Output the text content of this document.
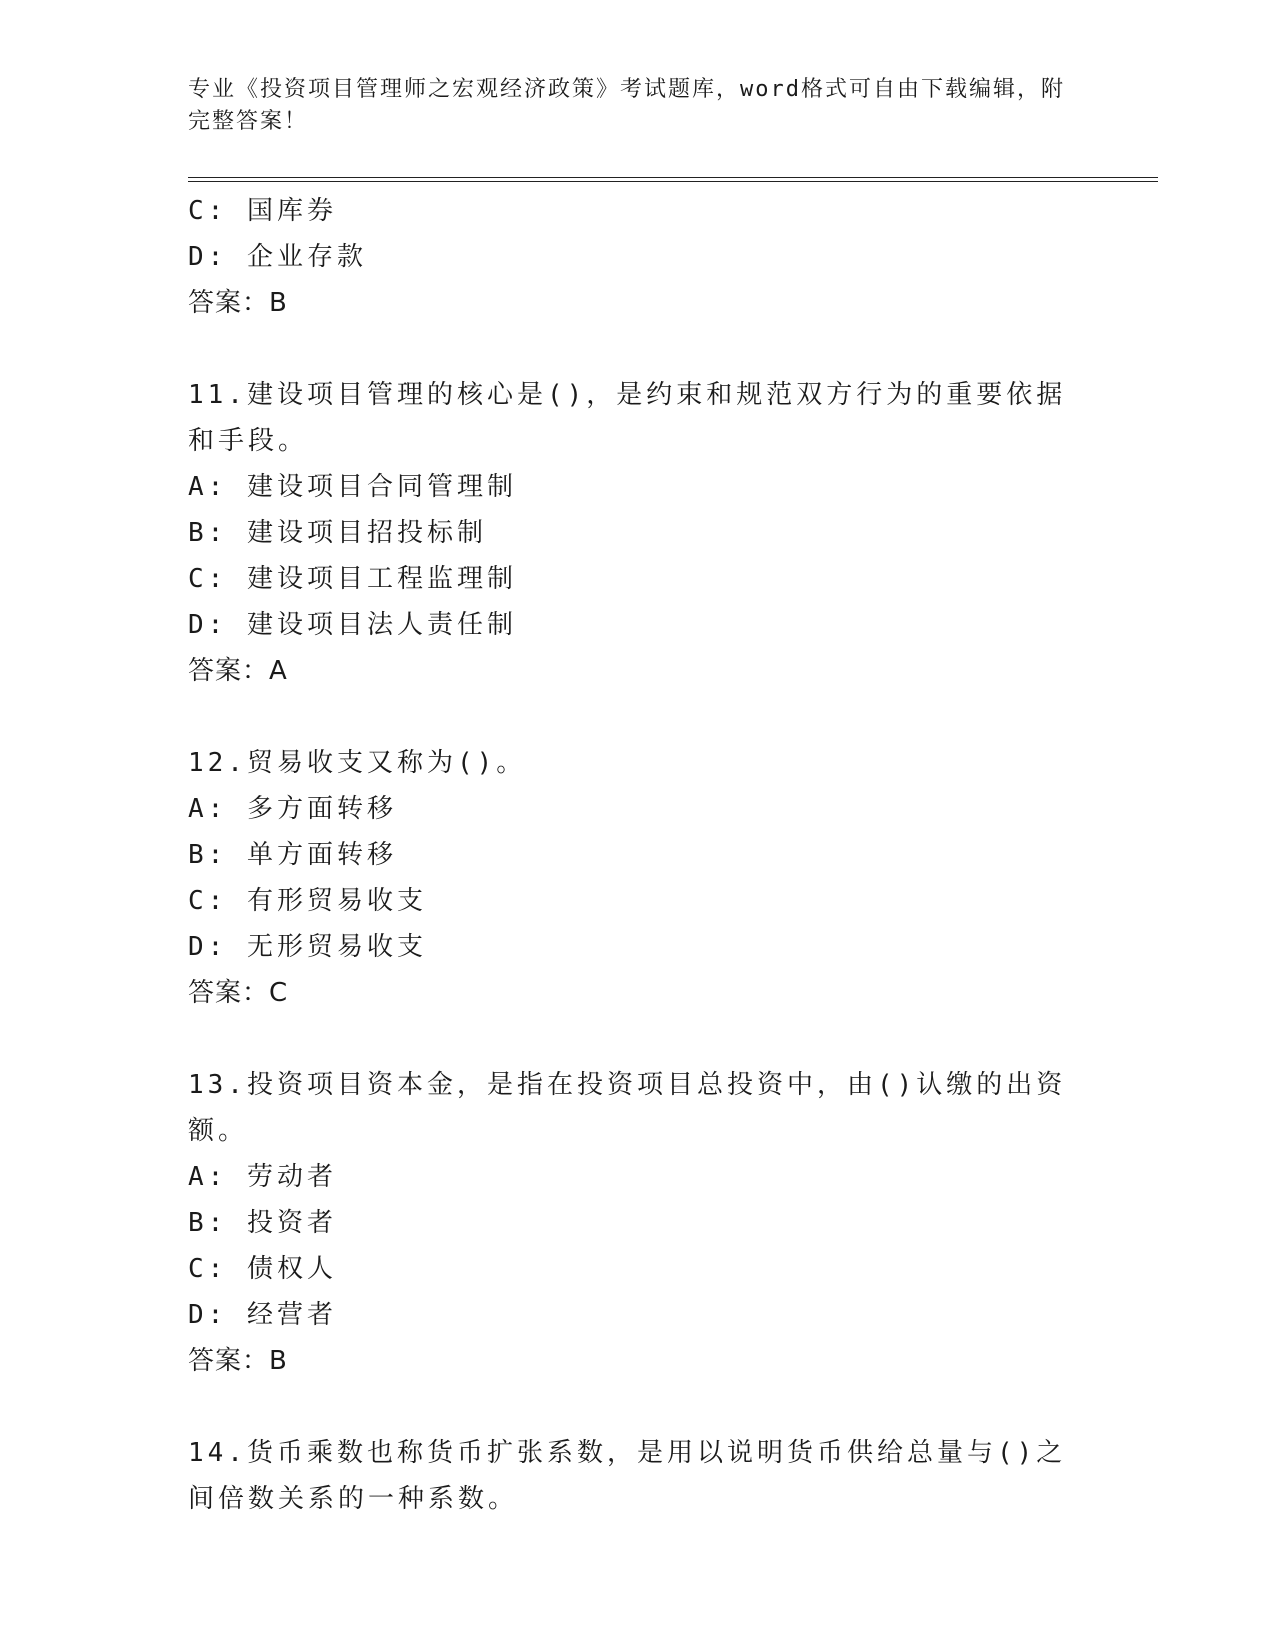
专业《投资项目管理师之宏观经济政策》考试题库，word格式可自由下载编辑，附完整答案！
C: 国库券
D: 企业存款
答案：B
11.建设项目管理的核心是()，是约束和规范双方行为的重要依据和手段。
A: 建设项目合同管理制
B: 建设项目招投标制
C: 建设项目工程监理制
D: 建设项目法人责任制
答案：A
12.贸易收支又称为()。
A: 多方面转移
B: 单方面转移
C: 有形贸易收支
D: 无形贸易收支
答案：C
13.投资项目资本金，是指在投资项目总投资中，由()认缴的出资额。
A: 劳动者
B: 投资者
C: 债权人
D: 经营者
答案：B
14.货币乘数也称货币扩张系数，是用以说明货币供给总量与()之间倍数关系的一种系数。
